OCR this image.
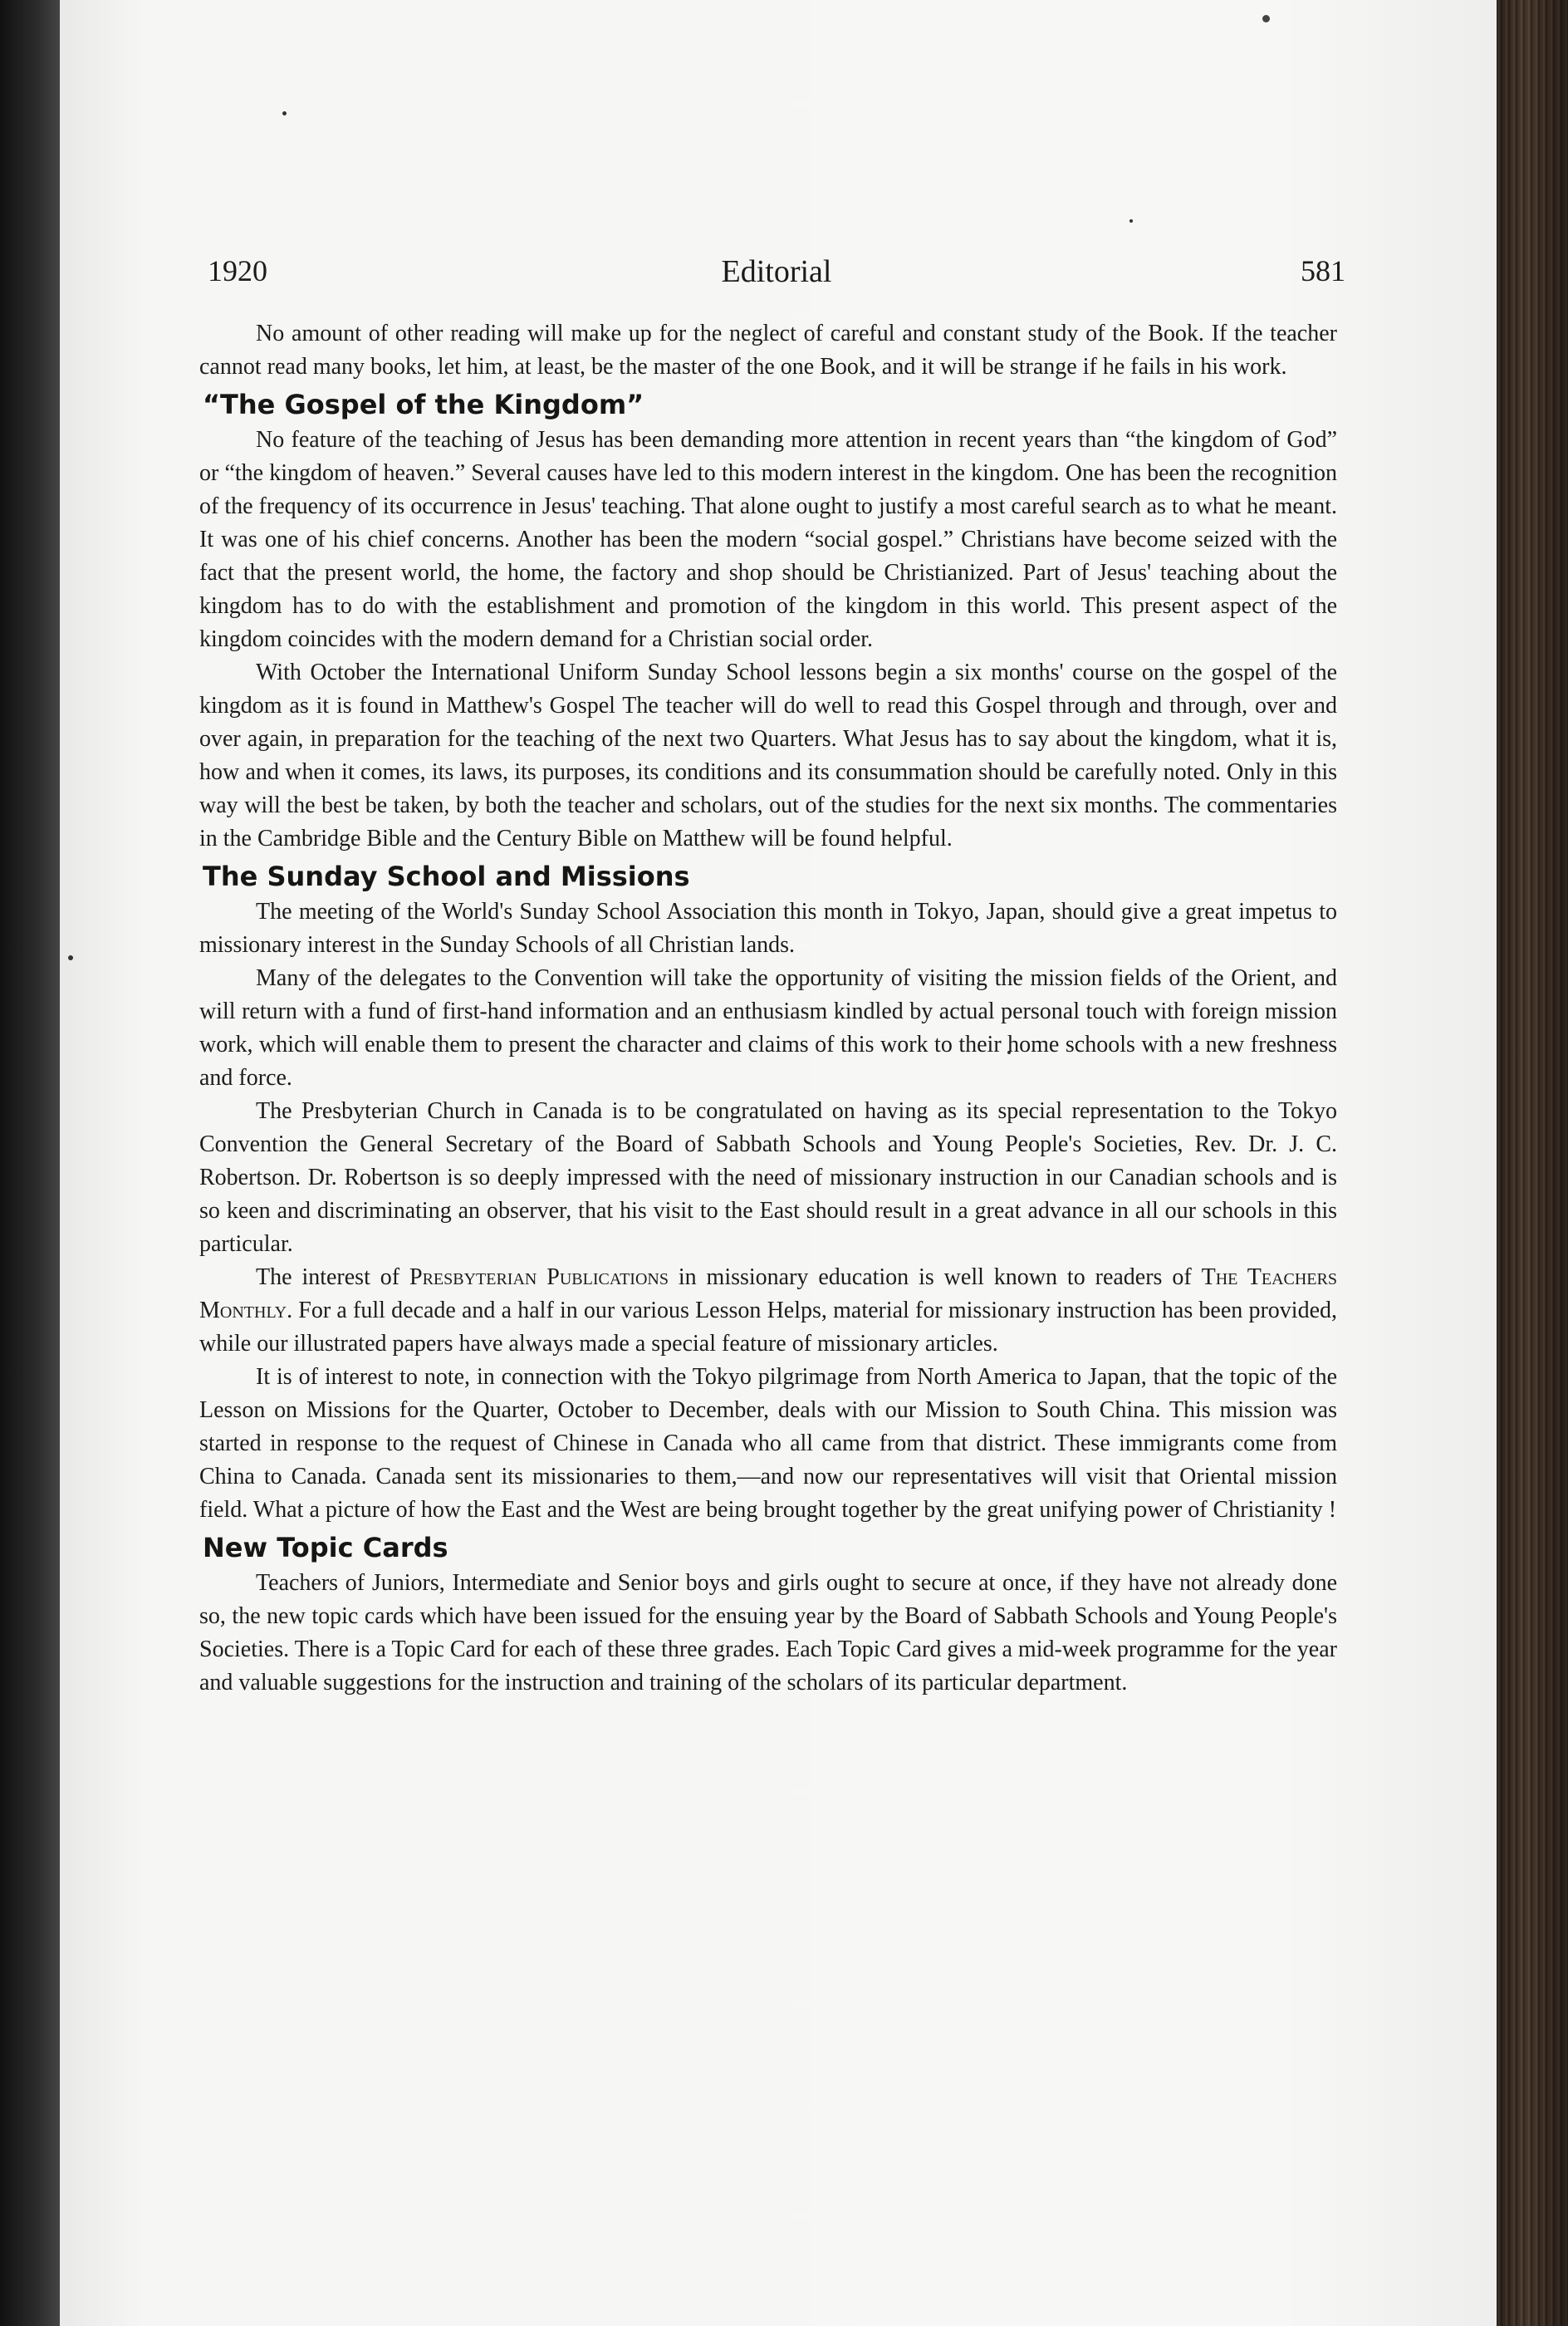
1920	Editorial	581

No amount of other reading will make up for the neglect of careful and constant study of the Book. If the teacher cannot read many books, let him, at least, be the master of the one Book, and it will be strange if he fails in his work.

“The Gospel of the Kingdom”

No feature of the teaching of Jesus has been demanding more attention in recent years than “the kingdom of God” or “the kingdom of heaven.” Several causes have led to this modern interest in the kingdom. One has been the recognition of the frequency of its occurrence in Jesus' teaching. That alone ought to justify a most careful search as to what he meant. It was one of his chief concerns. Another has been the modern “social gospel.” Christians have become seized with the fact that the present world, the home, the factory and shop should be Christianized. Part of Jesus' teaching about the kingdom has to do with the establishment and promotion of the kingdom in this world. This present aspect of the kingdom coincides with the modern demand for a Christian social order.

With October the International Uniform Sunday School lessons begin a six months' course on the gospel of the kingdom as it is found in Matthew's Gospel The teacher will do well to read this Gospel through and through, over and over again, in preparation for the teaching of the next two Quarters. What Jesus has to say about the kingdom, what it is, how and when it comes, its laws, its purposes, its conditions and its consummation should be carefully noted. Only in this way will the best be taken, by both the teacher and scholars, out of the studies for the next six months. The commentaries in the Cambridge Bible and the Century Bible on Matthew will be found helpful.

The Sunday School and Missions

The meeting of the World's Sunday School Association this month in Tokyo, Japan, should give a great impetus to missionary interest in the Sunday Schools of all Christian lands.

Many of the delegates to the Convention will take the opportunity of visiting the mission fields of the Orient, and will return with a fund of first-hand information and an enthusiasm kindled by actual personal touch with foreign mission work, which will enable them to present the character and claims of this work to their home schools with a new freshness and force.

The Presbyterian Church in Canada is to be congratulated on having as its special representation to the Tokyo Convention the General Secretary of the Board of Sabbath Schools and Young People's Societies, Rev. Dr. J. C. Robertson. Dr. Robertson is so deeply impressed with the need of missionary instruction in our Canadian schools and is so keen and discriminating an observer, that his visit to the East should result in a great advance in all our schools in this particular.

The interest of Presbyterian Publications in missionary education is well known to readers of The Teachers Monthly. For a full decade and a half in our various Lesson Helps, material for missionary instruction has been provided, while our illustrated papers have always made a special feature of missionary articles.

It is of interest to note, in connection with the Tokyo pilgrimage from North America to Japan, that the topic of the Lesson on Missions for the Quarter, October to December, deals with our Mission to South China. This mission was started in response to the request of Chinese in Canada who all came from that district. These immigrants come from China to Canada. Canada sent its missionaries to them,—and now our representatives will visit that Oriental mission field. What a picture of how the East and the West are being brought together by the great unifying power of Christianity !

New Topic Cards

Teachers of Juniors, Intermediate and Senior boys and girls ought to secure at once, if they have not already done so, the new topic cards which have been issued for the ensuing year by the Board of Sabbath Schools and Young People's Societies. There is a Topic Card for each of these three grades. Each Topic Card gives a mid-week programme for the year and valuable suggestions for the instruction and training of the scholars of its particular department.
